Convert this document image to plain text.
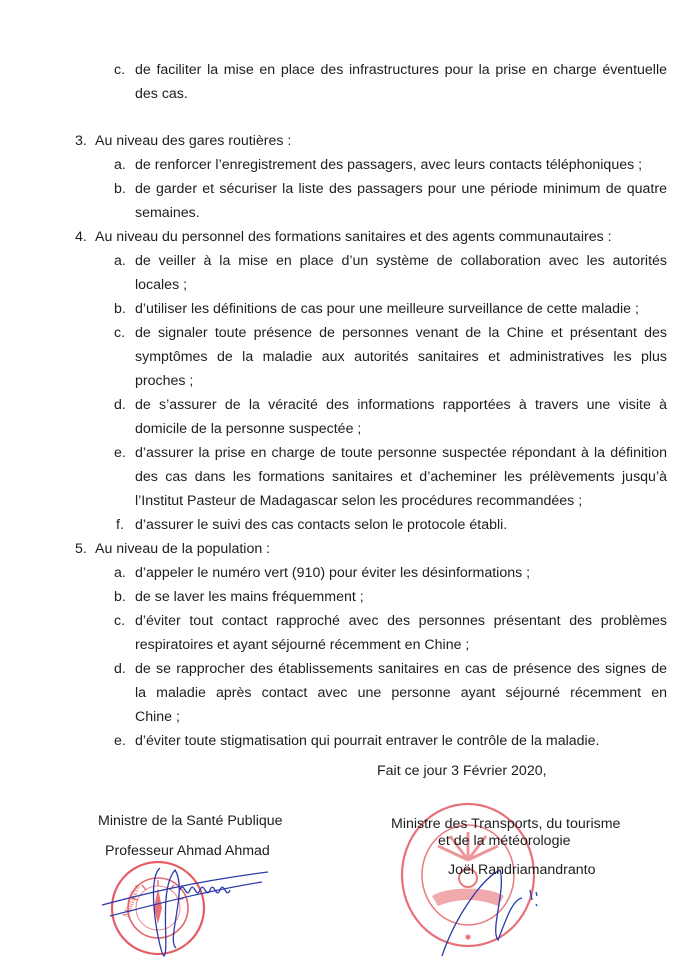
c. de faciliter la mise en place des infrastructures pour la prise en charge éventuelle
des cas.
3. Au niveau des gares routières :
a. de renforcer l’enregistrement des passagers, avec leurs contacts téléphoniques ;
b. de garder et sécuriser la liste des passagers pour une période minimum de quatre
semaines.
4. Au niveau du personnel des formations sanitaires et des agents communautaires :
a. de veiller à la mise en place d’un système de collaboration avec les autorités
locales ;
b. d’utiliser les définitions de cas pour une meilleure surveillance de cette maladie ;
c. de signaler toute présence de personnes venant de la Chine et présentant des
symptômes de la maladie aux autorités sanitaires et administratives les plus
proches ;
d. de s’assurer de la véracité des informations rapportées à travers une visite à
domicile de la personne suspectée ;
e. d’assurer la prise en charge de toute personne suspectée répondant à la définition
des cas dans les formations sanitaires et d’acheminer les prélèvements jusqu’à
l’Institut Pasteur de Madagascar selon les procédures recommandées ;
f. d’assurer le suivi des cas contacts selon le protocole établi.
5. Au niveau de la population :
a. d’appeler le numéro vert (910) pour éviter les désinformations ;
b. de se laver les mains fréquemment ;
c. d’éviter tout contact rapproché avec des personnes présentant des problèmes
respiratoires et ayant séjourné récemment en Chine ;
d. de se rapprocher des établissements sanitaires en cas de présence des signes de
la maladie après contact avec une personne ayant séjourné récemment en
Chine ;
e. d’éviter toute stigmatisation qui pourrait entraver le contrôle de la maladie.
Fait ce jour 3 Février 2020,
Ministère
Ministre de la Santé Publique
Professeur Ahmad Ahmad
✱
Ministre des Transports, du tourisme
et de la météorologie
Joël Randriamandranto
